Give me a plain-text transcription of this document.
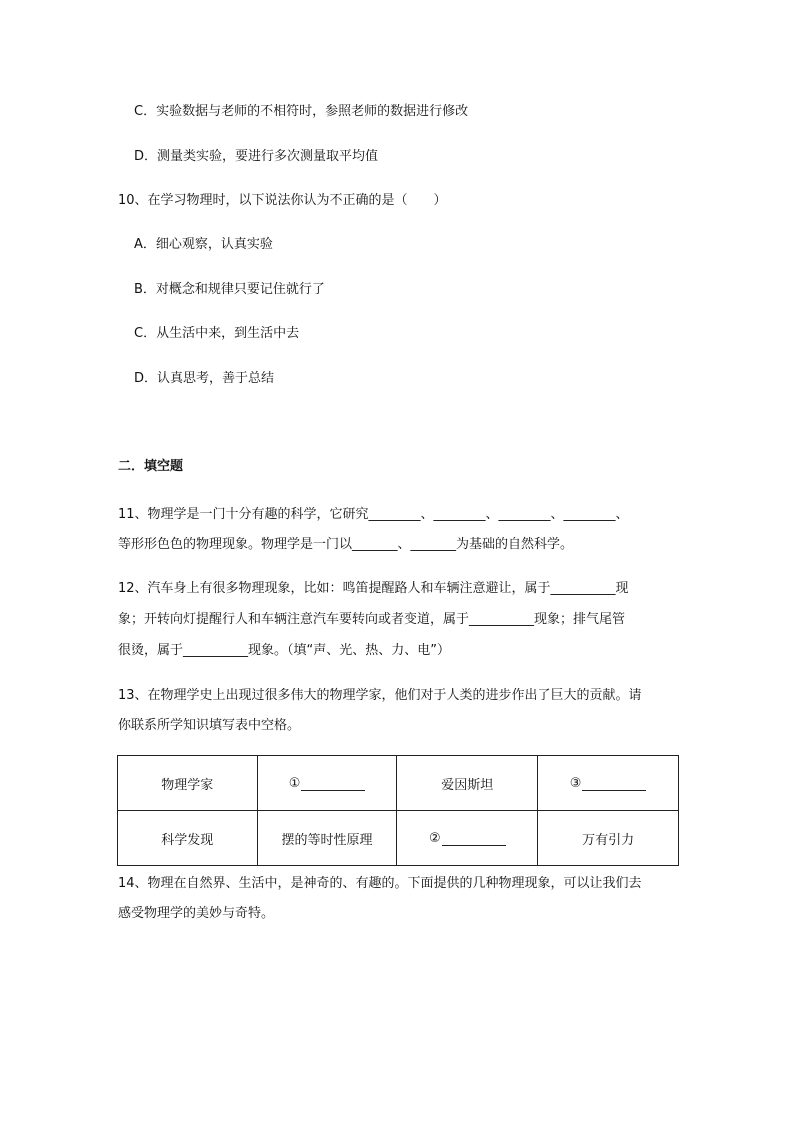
C．实验数据与老师的不相符时，参照老师的数据进行修改
D．测量类实验，要进行多次测量取平均值
10、在学习物理时，以下说法你认为不正确的是（　　）
A．细心观察，认真实验
B．对概念和规律只要记住就行了
C．从生活中来，到生活中去
D．认真思考，善于总结
二．填空题
11、物理学是一门十分有趣的科学，它研究________、________、________、________、
等形形色色的物理现象。物理学是一门以_______、_______为基础的自然科学。
12、汽车身上有很多物理现象，比如：鸣笛提醒路人和车辆注意避让，属于__________现
象；开转向灯提醒行人和车辆注意汽车要转向或者变道，属于__________现象；排气尾管
很烫，属于__________现象。（填“声、光、热、力、电”）
13、在物理学史上出现过很多伟大的物理学家，他们对于人类的进步作出了巨大的贡献。请
你联系所学知识填写表中空格。
物理学家	①	爱因斯坦	③
科学发现	摆的等时性原理	②	万有引力
14、物理在自然界、生活中，是神奇的、有趣的。下面提供的几种物理现象，可以让我们去
感受物理学的美妙与奇特。
